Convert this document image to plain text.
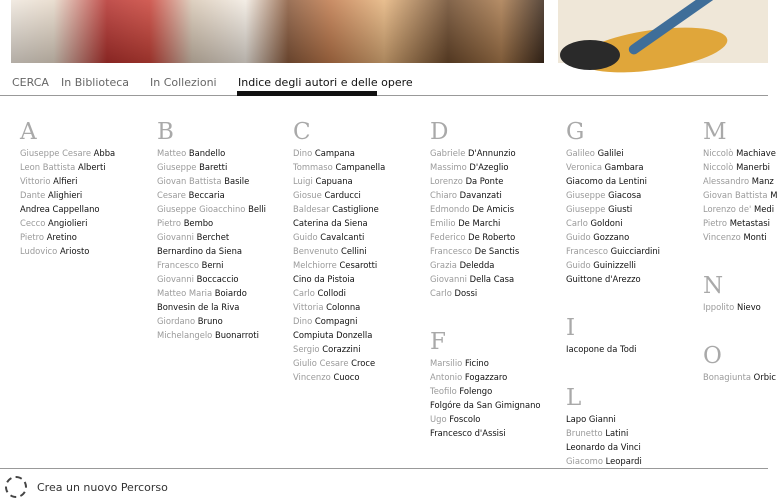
CERCA In Biblioteca In Collezioni Indice degli autori e delle opere
A
Giuseppe Cesare Abba
Leon Battista Alberti
Vittorio Alfieri
Dante Alighieri
Andrea Cappellano
Cecco Angiolieri
Pietro Aretino
Ludovico Ariosto
B
Matteo Bandello
Giuseppe Baretti
Giovan Battista Basile
Cesare Beccaria
Giuseppe Gioacchino Belli
Pietro Bembo
Giovanni Berchet
Bernardino da Siena
Francesco Berni
Giovanni Boccaccio
Matteo Maria Boiardo
Bonvesin de la Riva
Giordano Bruno
Michelangelo Buonarroti
C
Dino Campana
Tommaso Campanella
Luigi Capuana
Giosue Carducci
Baldesar Castiglione
Caterina da Siena
Guido Cavalcanti
Benvenuto Cellini
Melchiorre Cesarotti
Cino da Pistoia
Carlo Collodi
Vittoria Colonna
Dino Compagni
Compiuta Donzella
Sergio Corazzini
Giulio Cesare Croce
Vincenzo Cuoco
D
Gabriele D'Annunzio
Massimo D'Azeglio
Lorenzo Da Ponte
Chiaro Davanzati
Edmondo De Amicis
Emilio De Marchi
Federico De Roberto
Francesco De Sanctis
Grazia Deledda
Giovanni Della Casa
Carlo Dossi
F
Marsilio Ficino
Antonio Fogazzaro
Teofilo Folengo
Folgóre da San Gimignano
Ugo Foscolo
Francesco d'Assisi
G
Galileo Galilei
Veronica Gambara
Giacomo da Lentini
Giuseppe Giacosa
Giuseppe Giusti
Carlo Goldoni
Guido Gozzano
Francesco Guicciardini
Guido Guinizzelli
Guittone d'Arezzo
I
Iacopone da Todi
L
Lapo Gianni
Brunetto Latini
Leonardo da Vinci
Giacomo Leopardi
M
Niccolò Machiave
Niccolò Manerbi
Alessandro Manz
Giovan Battista M
Lorenzo de' Medi
Pietro Metastasi
Vincenzo Monti
N
Ippolito Nievo
O
Bonagiunta Orbic
Crea un nuovo Percorso
